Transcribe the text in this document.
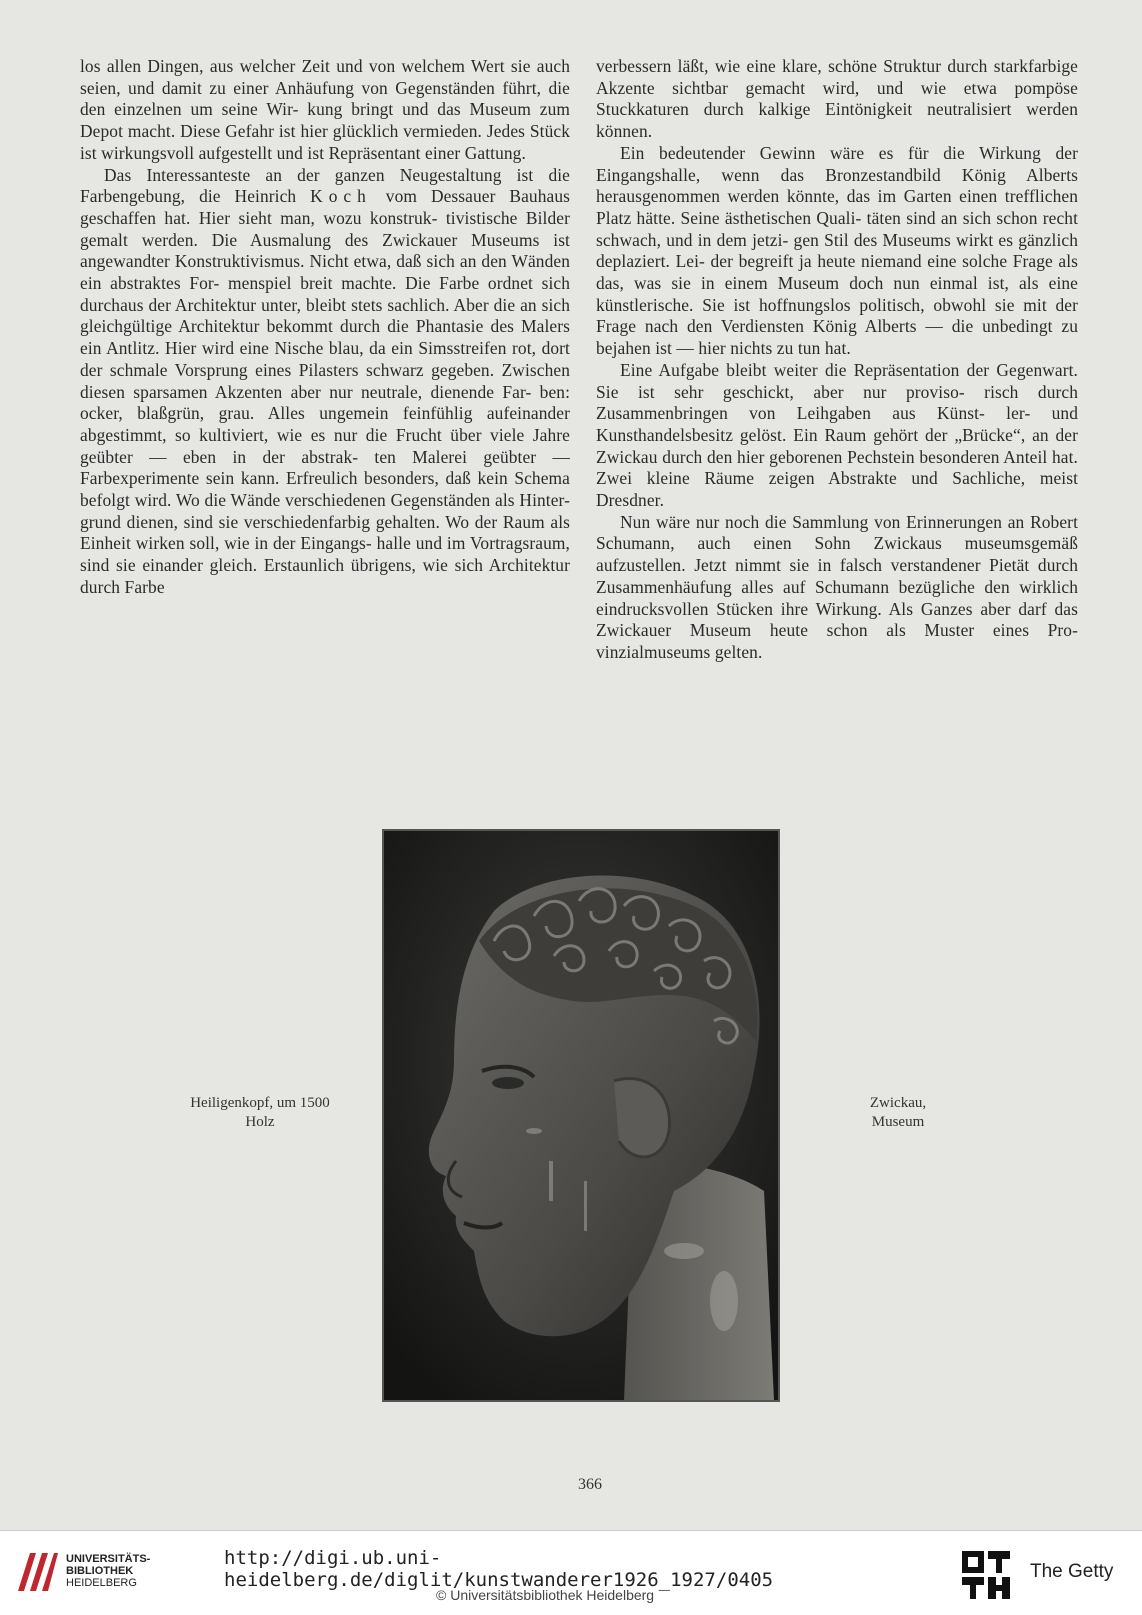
los allen Dingen, aus welcher Zeit und von welchem Wert sie auch seien, und damit zu einer Anhäufung von Gegenständen führt, die den einzelnen um seine Wir- kung bringt und das Museum zum Depot macht. Diese Gefahr ist hier glücklich vermieden. Jedes Stück ist wirkungsvoll aufgestellt und ist Repräsentant einer Gattung.

Das Interessanteste an der ganzen Neugestaltung ist die Farbengebung, die Heinrich Koch vom Dessauer Bauhaus geschaffen hat. Hier sieht man, wozu konstruk- tivistische Bilder gemalt werden. Die Ausmalung des Zwickauer Museums ist angewandter Konstruktivismus. Nicht etwa, daß sich an den Wänden ein abstraktes For- menspiel breit machte. Die Farbe ordnet sich durchaus der Architektur unter, bleibt stets sachlich. Aber die an sich gleichgültige Architektur bekommt durch die Phantasie des Malers ein Antlitz. Hier wird eine Nische blau, da ein Simsstreifen rot, dort der schmale Vorsprung eines Pilasters schwarz gegeben. Zwischen diesen sparsamen Akzenten aber nur neutrale, dienende Far- ben: ocker, blaßgrün, grau. Alles ungemein feinfühlig aufeinander abgestimmt, so kultiviert, wie es nur die Frucht über viele Jahre geübter — eben in der abstrak- ten Malerei geübter — Farbexperimente sein kann. Erfreulich besonders, daß kein Schema befolgt wird. Wo die Wände verschiedenen Gegenständen als Hinter- grund dienen, sind sie verschiedenfarbig gehalten. Wo der Raum als Einheit wirken soll, wie in der Eingangs- halle und im Vortragsraum, sind sie einander gleich. Erstaunlich übrigens, wie sich Architektur durch Farbe

verbessern läßt, wie eine klare, schöne Struktur durch starkfarbige Akzente sichtbar gemacht wird, und wie etwa pompöse Stuckkaturen durch kalkige Eintönigkeit neutralisiert werden können.

Ein bedeutender Gewinn wäre es für die Wirkung der Eingangshalle, wenn das Bronzestandbild König Alberts herausgenommen werden könnte, das im Garten einen trefflichen Platz hätte. Seine ästhetischen Quali- täten sind an sich schon recht schwach, und in dem jetzi- gen Stil des Museums wirkt es gänzlich deplaziert. Lei- der begreift ja heute niemand eine solche Frage als das, was sie in einem Museum doch nun einmal ist, als eine künstlerische. Sie ist hoffnungslos politisch, obwohl sie mit der Frage nach den Verdiensten König Alberts — die unbedingt zu bejahen ist — hier nichts zu tun hat.

Eine Aufgabe bleibt weiter die Repräsentation der Gegenwart. Sie ist sehr geschickt, aber nur proviso- risch durch Zusammenbringen von Leihgaben aus Künst- ler- und Kunsthandelsbesitz gelöst. Ein Raum gehört der „Brücke“, an der Zwickau durch den hier geborenen Pechstein besonderen Anteil hat. Zwei kleine Räume zeigen Abstrakte und Sachliche, meist Dresdner.

Nun wäre nur noch die Sammlung von Erinnerungen an Robert Schumann, auch einen Sohn Zwickaus museumsgemäß aufzustellen. Jetzt nimmt sie in falsch verstandener Pietät durch Zusammenhäufung alles auf Schumann bezügliche den wirklich eindrucksvollen Stücken ihre Wirkung. Als Ganzes aber darf das Zwickauer Museum heute schon als Muster eines Pro- vinzialmuseums gelten.

Heiligenkopf, um 1500
Holz
Zwickau,
Museum
366
UNIVERSITÄTS-
BIBLIOTHEK
HEIDELBERG
http://digi.ub.uni-heidelberg.de/diglit/kunstwanderer1926_1927/0405
© Universitätsbibliothek Heidelberg
The Getty
